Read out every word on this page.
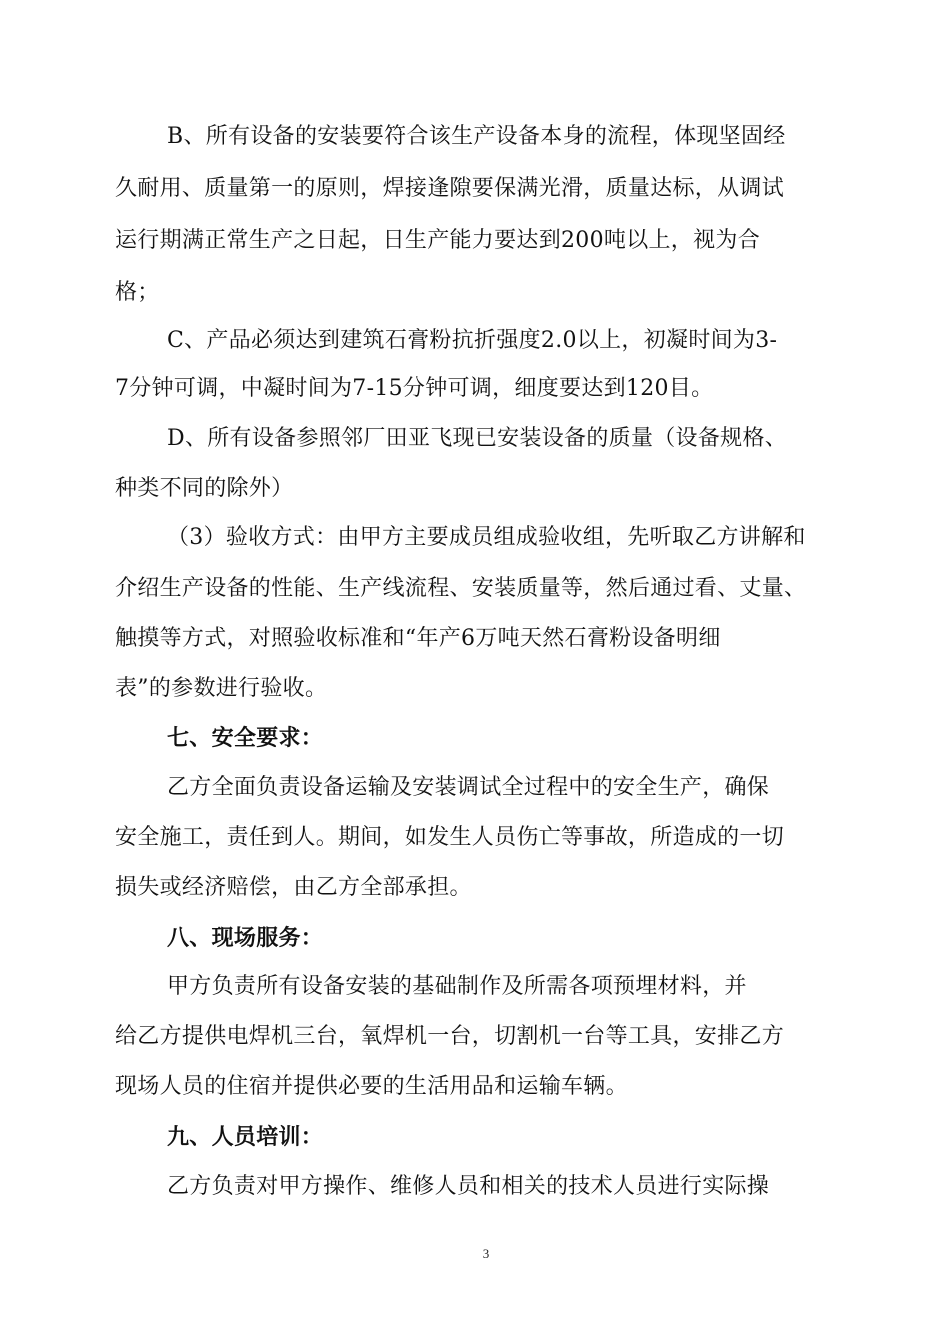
B、所有设备的安装要符合该生产设备本身的流程，体现坚固经
久耐用、质量第一的原则，焊接逢隙要保满光滑，质量达标，从调试
运行期满正常生产之日起，日生产能力要达到200吨以上，视为合
格；
C、产品必须达到建筑石膏粉抗折强度2.0以上，初凝时间为3-
7分钟可调，中凝时间为7-15分钟可调，细度要达到120目。
D、所有设备参照邻厂田亚飞现已安装设备的质量（设备规格、
种类不同的除外）
（3）验收方式：由甲方主要成员组成验收组，先听取乙方讲解和
介绍生产设备的性能、生产线流程、安装质量等，然后通过看、丈量、
触摸等方式，对照验收标准和“年产6万吨天然石膏粉设备明细
表”的参数进行验收。
七、安全要求：
乙方全面负责设备运输及安装调试全过程中的安全生产，确保
安全施工，责任到人。期间，如发生人员伤亡等事故，所造成的一切
损失或经济赔偿，由乙方全部承担。
八、现场服务：
甲方负责所有设备安装的基础制作及所需各项预埋材料，并
给乙方提供电焊机三台，氧焊机一台，切割机一台等工具，安排乙方
现场人员的住宿并提供必要的生活用品和运输车辆。
九、人员培训：
乙方负责对甲方操作、维修人员和相关的技术人员进行实际操
3
